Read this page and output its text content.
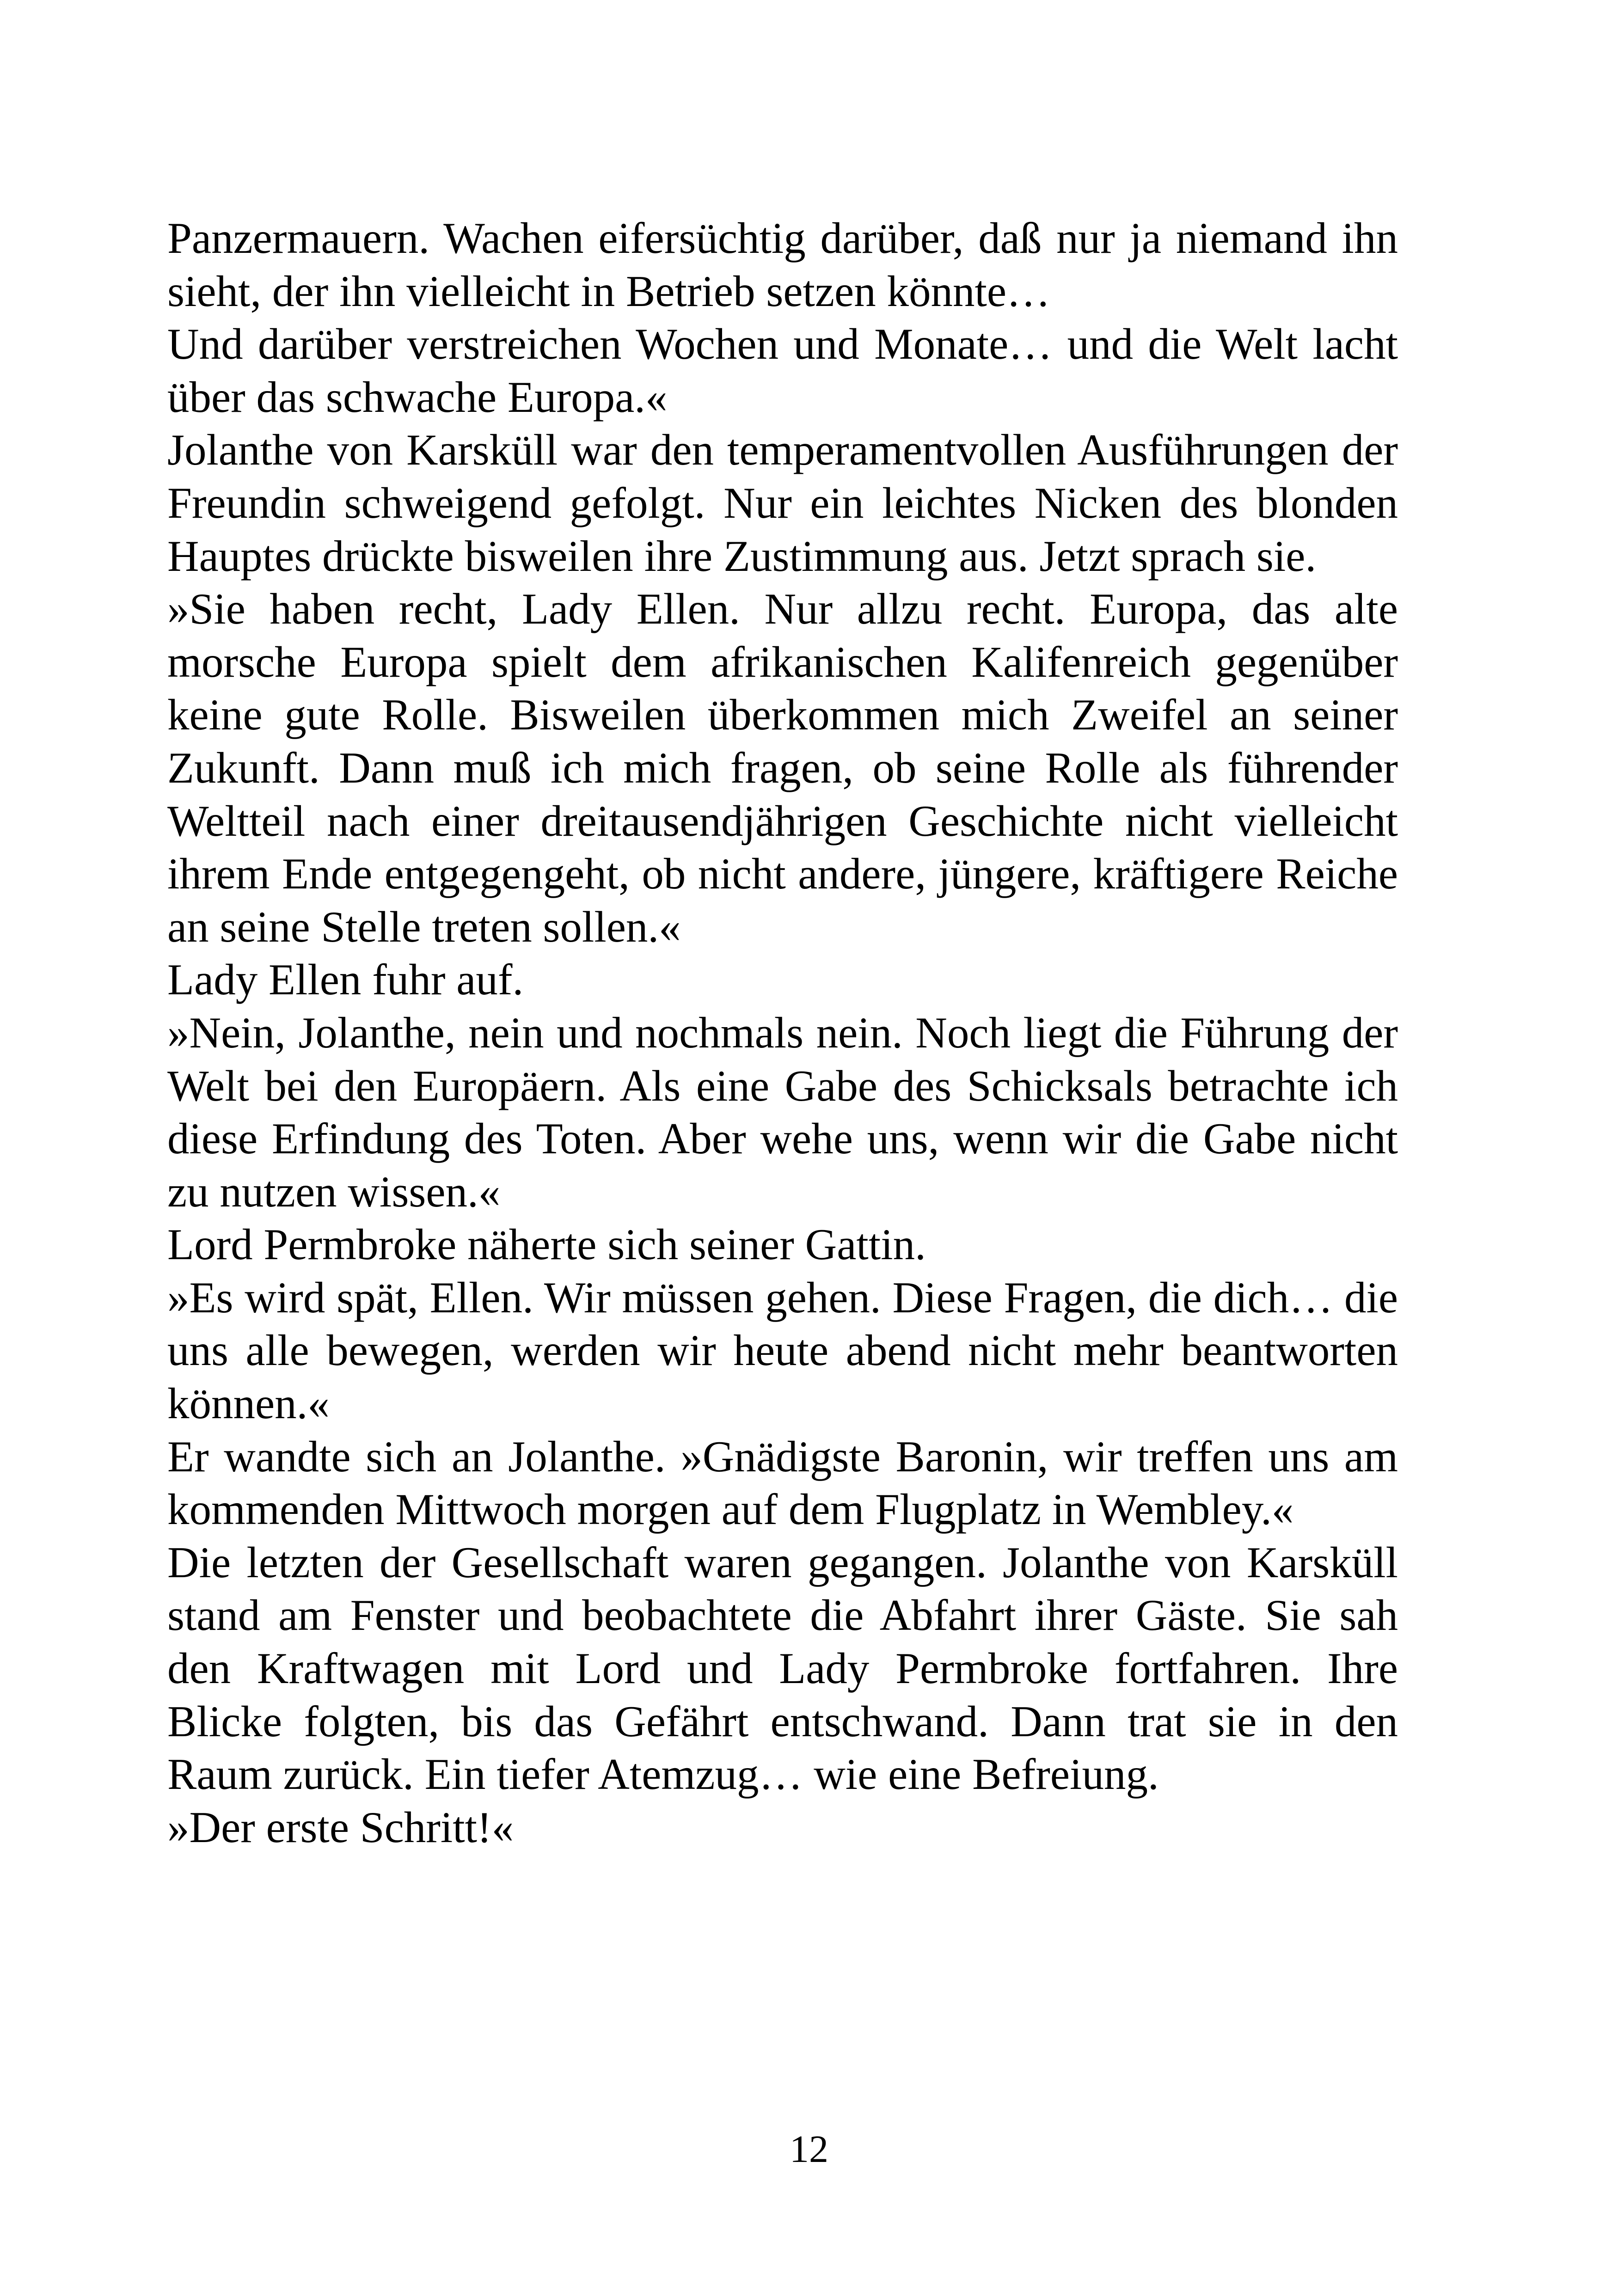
Panzermauern. Wachen eifersüchtig darüber, daß nur ja niemand ihn sieht, der ihn vielleicht in Betrieb setzen könnte…

Und darüber verstreichen Wochen und Monate… und die Welt lacht über das schwache Europa.«

Jolanthe von Karsküll war den temperamentvollen Ausführungen der Freundin schweigend gefolgt. Nur ein leichtes Nicken des blonden Hauptes drückte bisweilen ihre Zustimmung aus. Jetzt sprach sie.

»Sie haben recht, Lady Ellen. Nur allzu recht. Europa, das alte morsche Europa spielt dem afrikanischen Kalifenreich gegenüber keine gute Rolle. Bisweilen überkommen mich Zweifel an seiner Zukunft. Dann muß ich mich fragen, ob seine Rolle als führender Weltteil nach einer dreitausendjährigen Geschichte nicht vielleicht ihrem Ende entgegengeht, ob nicht andere, jüngere, kräftigere Reiche an seine Stelle treten sollen.«

Lady Ellen fuhr auf.

»Nein, Jolanthe, nein und nochmals nein. Noch liegt die Führung der Welt bei den Europäern. Als eine Gabe des Schicksals betrachte ich diese Erfindung des Toten. Aber wehe uns, wenn wir die Gabe nicht zu nutzen wissen.«

Lord Permbroke näherte sich seiner Gattin.

»Es wird spät, Ellen. Wir müssen gehen. Diese Fragen, die dich… die uns alle bewegen, werden wir heute abend nicht mehr beantworten können.«

Er wandte sich an Jolanthe. »Gnädigste Baronin, wir treffen uns am kommenden Mittwoch morgen auf dem Flugplatz in Wembley.«

Die letzten der Gesellschaft waren gegangen. Jolanthe von Karsküll stand am Fenster und beobachtete die Abfahrt ihrer Gäste. Sie sah den Kraftwagen mit Lord und Lady Permbroke fortfahren. Ihre Blicke folgten, bis das Gefährt entschwand. Dann trat sie in den Raum zurück. Ein tiefer Atemzug… wie eine Befreiung.

»Der erste Schritt!«

12
